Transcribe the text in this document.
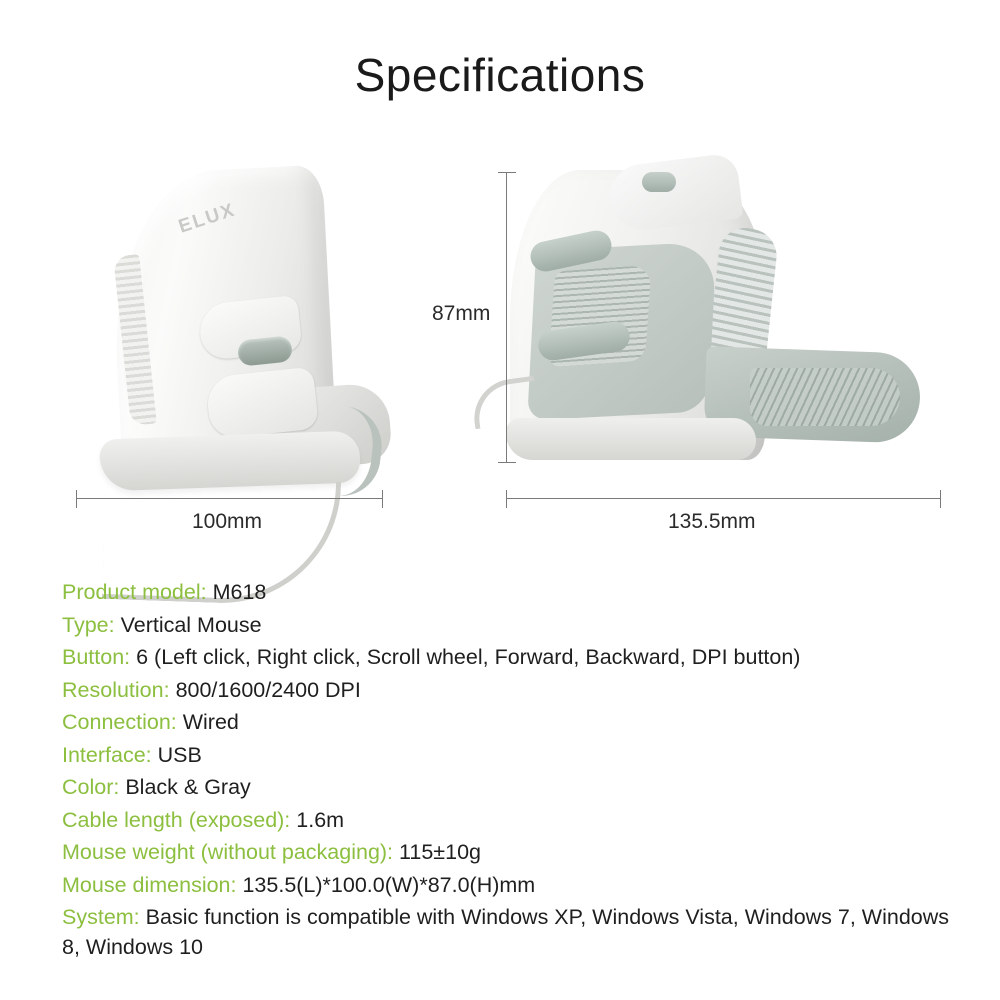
Specifications
ELUX
100mm	135.5mm
87mm
Product model: M618
Type: Vertical Mouse
Button: 6 (Left click, Right click, Scroll wheel, Forward, Backward, DPI button)
Resolution: 800/1600/2400 DPI
Connection: Wired
Interface: USB
Color: Black & Gray
Cable length (exposed): 1.6m
Mouse weight (without packaging): 115±10g
Mouse dimension: 135.5(L)*100.0(W)*87.0(H)mm
System: Basic function is compatible with Windows XP, Windows Vista, Windows 7, Windows 8, Windows 10
